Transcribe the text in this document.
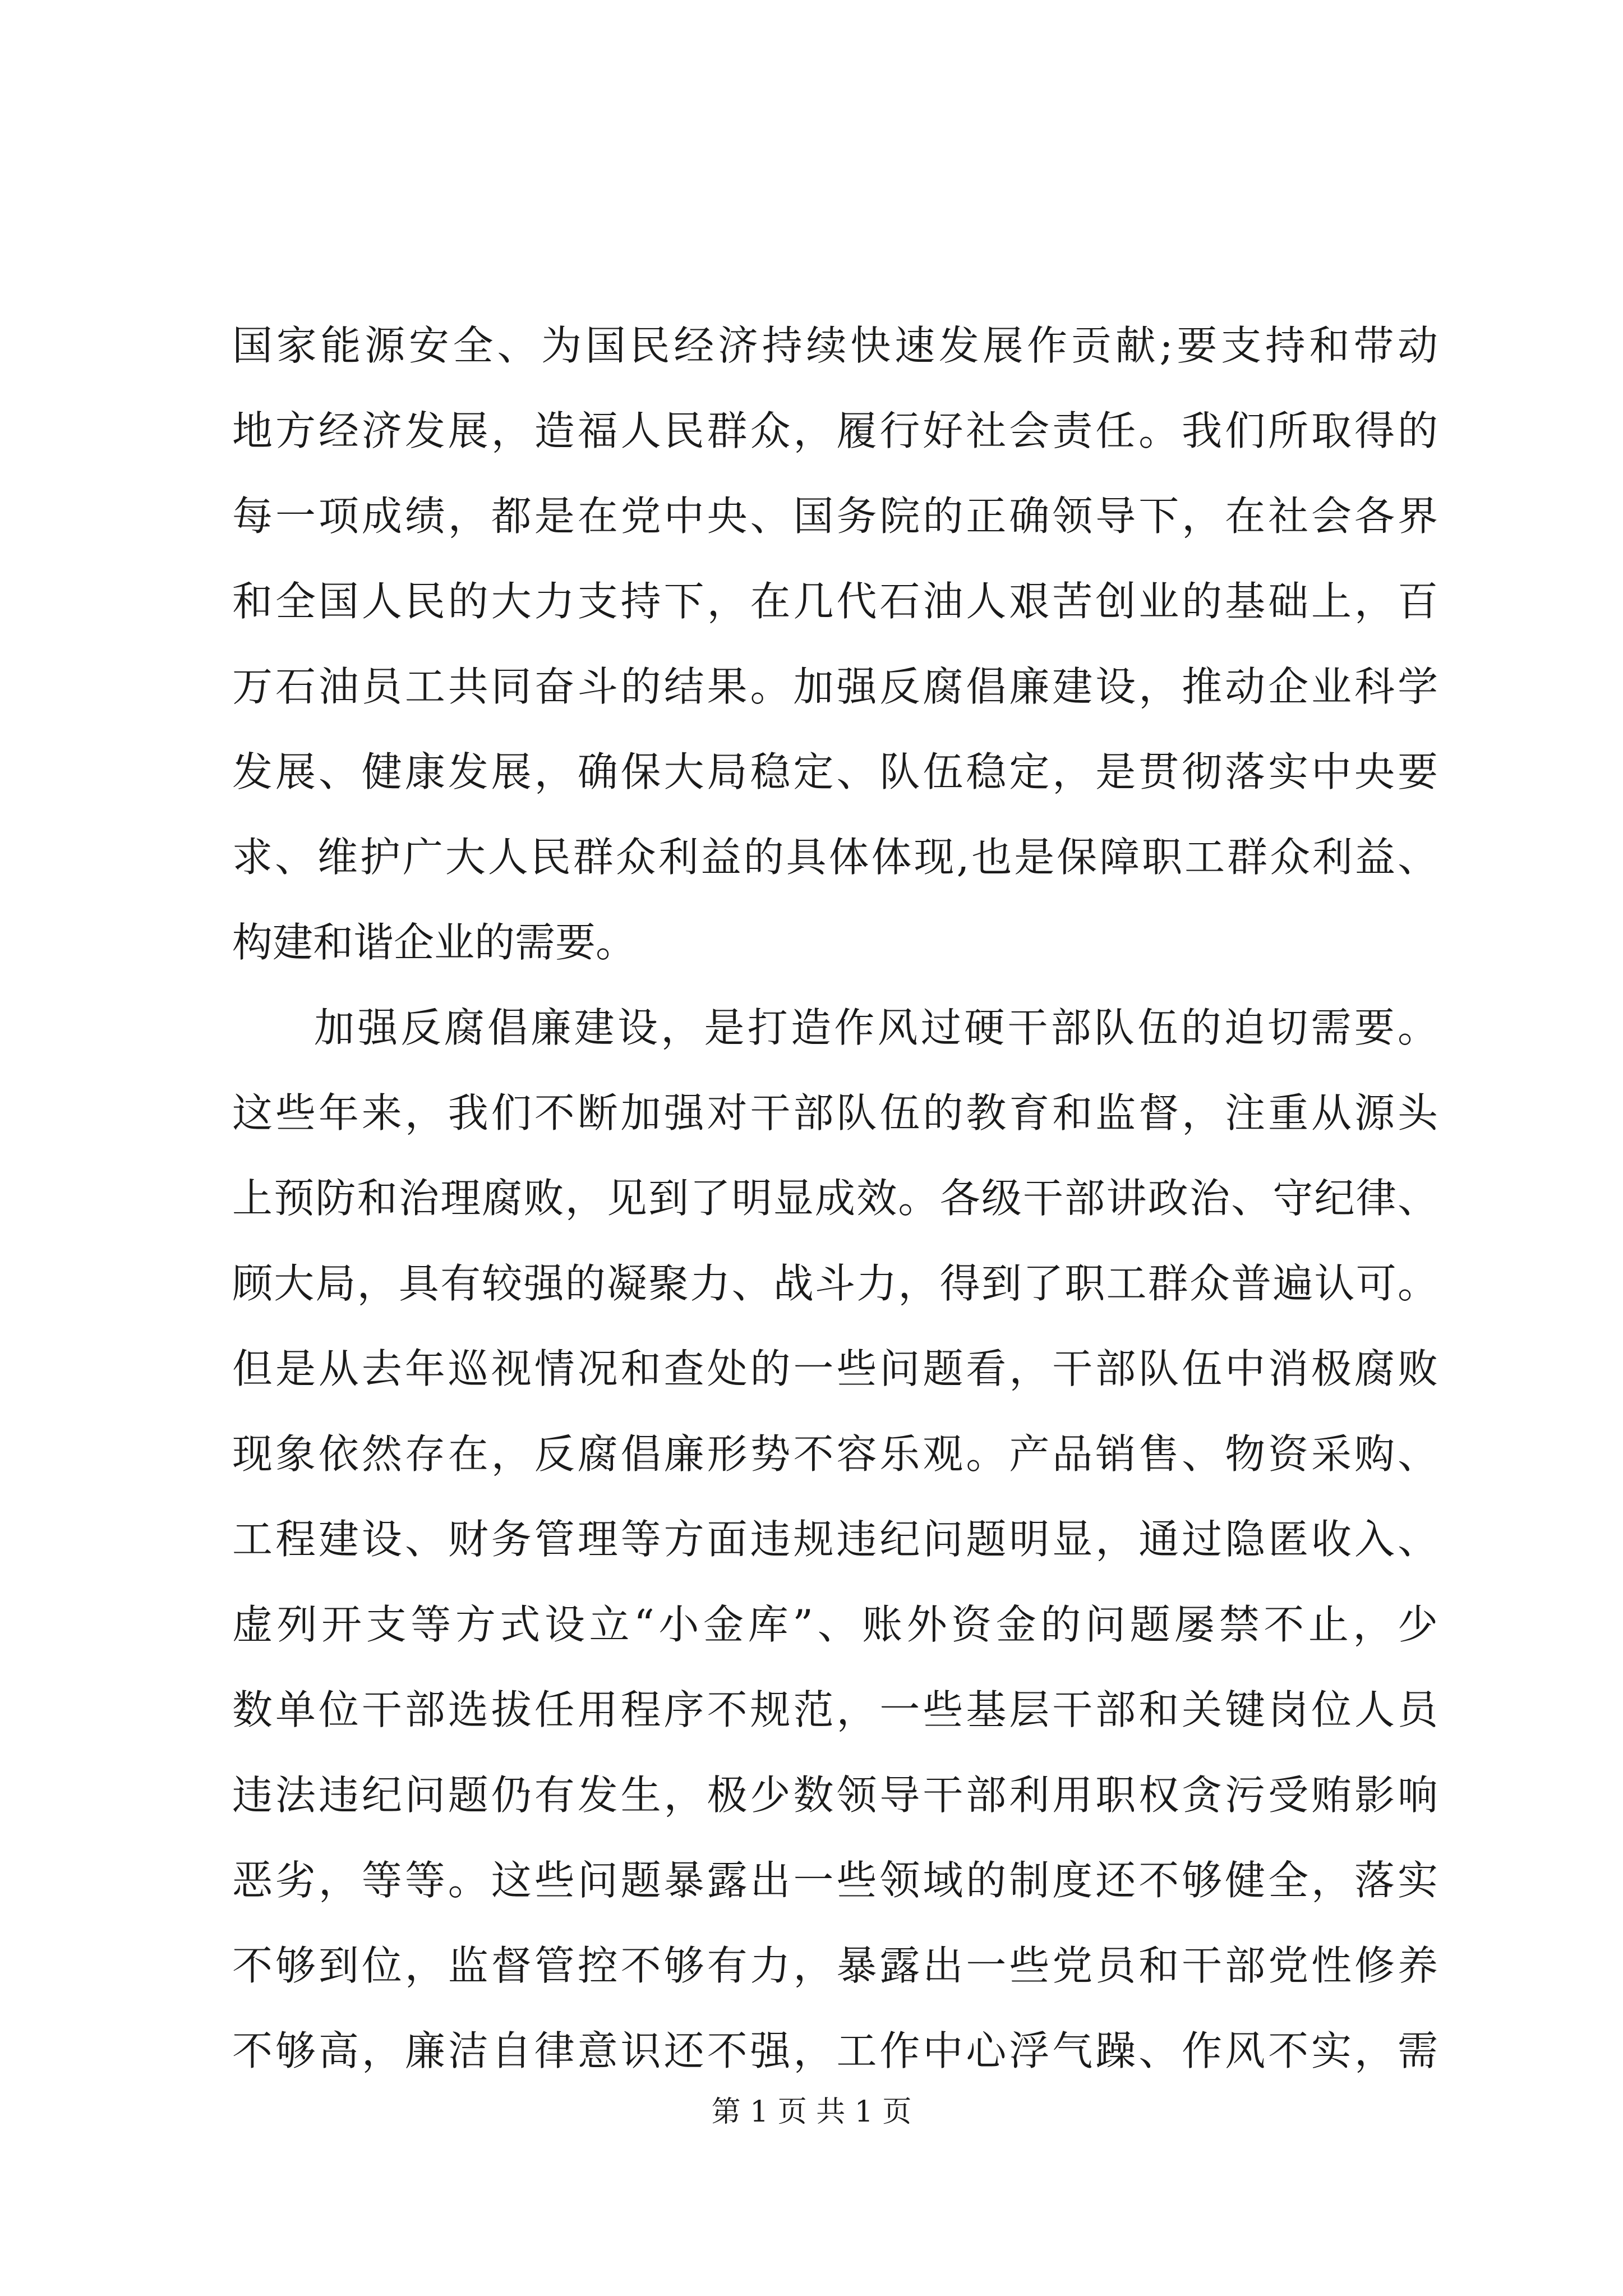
国家能源安全、为国民经济持续快速发展作贡献;要支持和带动
地方经济发展，造福人民群众，履行好社会责任。我们所取得的
每一项成绩，都是在党中央、国务院的正确领导下，在社会各界
和全国人民的大力支持下，在几代石油人艰苦创业的基础上，百
万石油员工共同奋斗的结果。加强反腐倡廉建设，推动企业科学
发展、健康发展，确保大局稳定、队伍稳定，是贯彻落实中央要
求、维护广大人民群众利益的具体体现,也是保障职工群众利益、
构建和谐企业的需要。
加强反腐倡廉建设，是打造作风过硬干部队伍的迫切需要。
这些年来，我们不断加强对干部队伍的教育和监督，注重从源头
上预防和治理腐败，见到了明显成效。各级干部讲政治、守纪律、
顾大局，具有较强的凝聚力、战斗力，得到了职工群众普遍认可。
但是从去年巡视情况和查处的一些问题看，干部队伍中消极腐败
现象依然存在，反腐倡廉形势不容乐观。产品销售、物资采购、
工程建设、财务管理等方面违规违纪问题明显，通过隐匿收入、
虚列开支等方式设立“小金库”、账外资金的问题屡禁不止，少
数单位干部选拔任用程序不规范，一些基层干部和关键岗位人员
违法违纪问题仍有发生，极少数领导干部利用职权贪污受贿影响
恶劣，等等。这些问题暴露出一些领域的制度还不够健全，落实
不够到位，监督管控不够有力，暴露出一些党员和干部党性修养
不够高，廉洁自律意识还不强，工作中心浮气躁、作风不实，需
第 1 页 共 1 页
